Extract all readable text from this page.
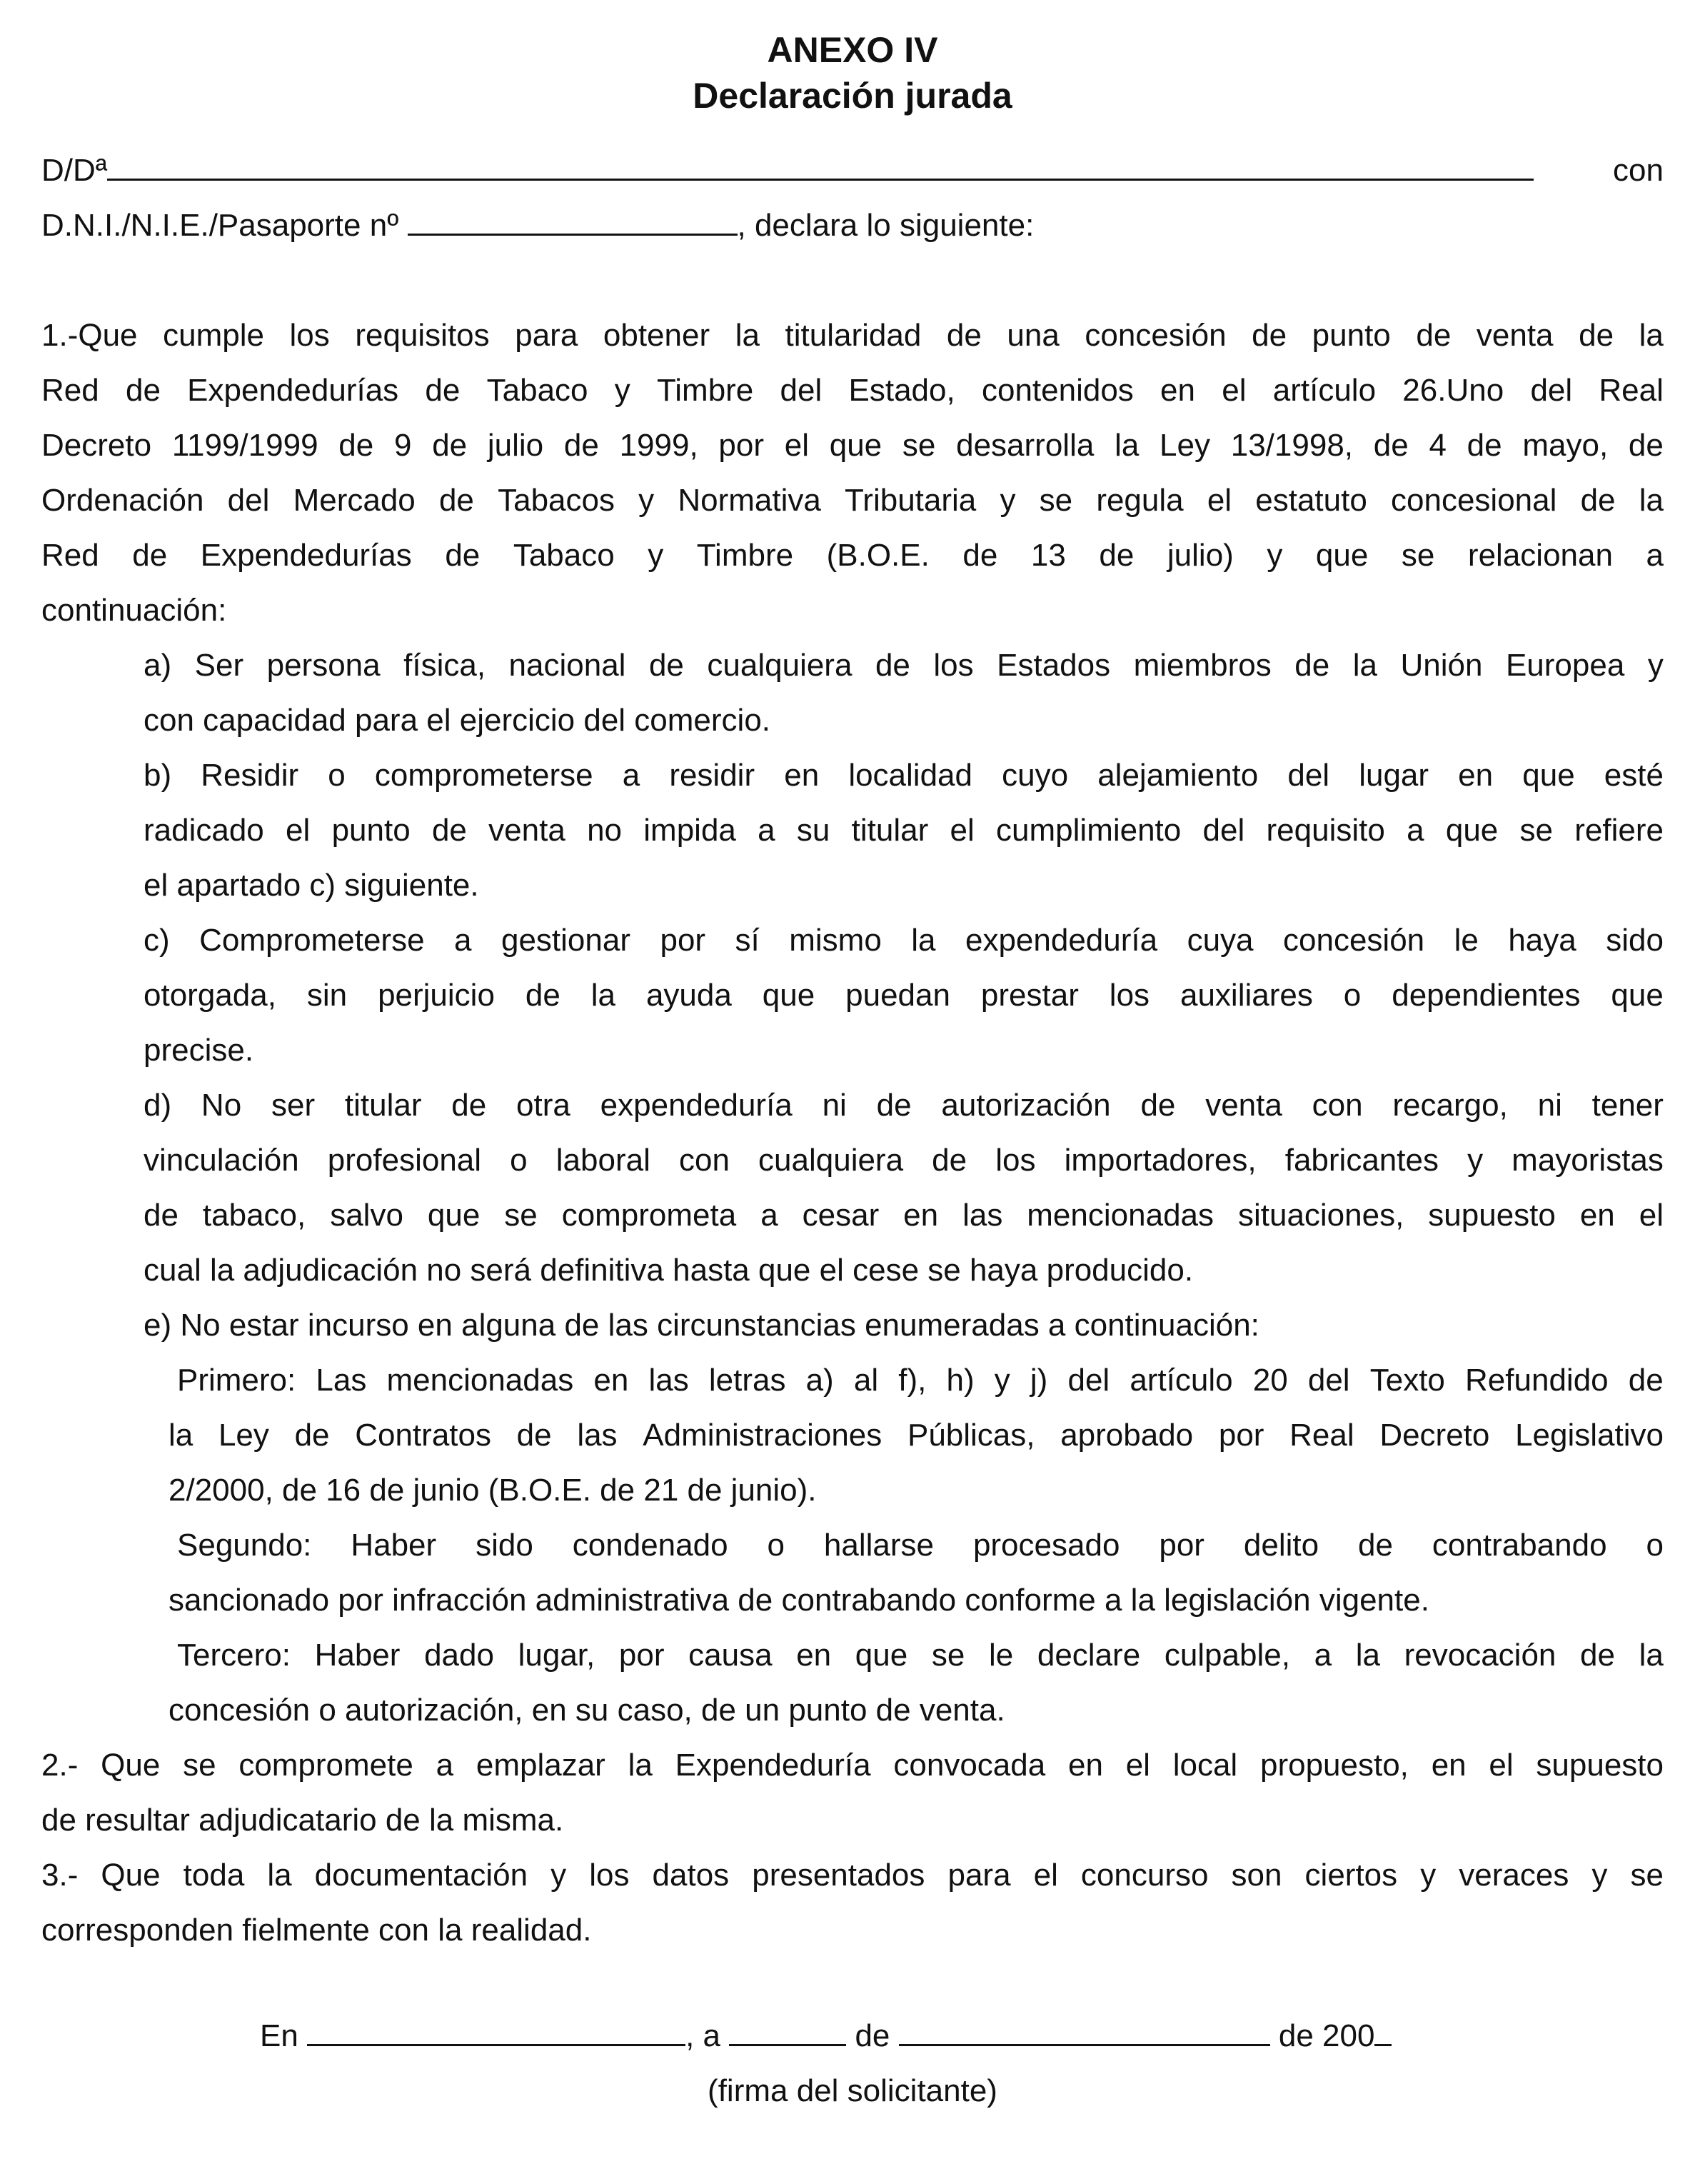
ANEXO IV
Declaración jurada
D/Dª	con
D.N.I./N.I.E./Pasaporte nº	, declara lo siguiente:
1.-Que cumple los requisitos para obtener la titularidad de una concesión de punto de venta de la
Red de Expendedurías de Tabaco y Timbre del Estado, contenidos en el artículo 26.Uno del Real
Decreto 1199/1999 de 9 de julio de 1999, por el que se desarrolla la Ley 13/1998, de 4 de mayo, de
Ordenación del Mercado de Tabacos y Normativa Tributaria y se regula el estatuto concesional de la
Red de Expendedurías de Tabaco y Timbre (B.O.E. de 13 de julio) y que se relacionan a
continuación:
a) Ser persona física, nacional de cualquiera de los Estados miembros de la Unión Europea y
con capacidad para el ejercicio del comercio.
b) Residir o comprometerse a residir en localidad cuyo alejamiento del lugar en que esté
radicado el punto de venta no impida a su titular el cumplimiento del requisito a que se refiere
el apartado c) siguiente.
c) Comprometerse a gestionar por sí mismo la expendeduría cuya concesión le haya sido
otorgada, sin perjuicio de la ayuda que puedan prestar los auxiliares o dependientes que
precise.
d) No ser titular de otra expendeduría ni de autorización de venta con recargo, ni tener
vinculación profesional o laboral con cualquiera de los importadores, fabricantes y mayoristas
de tabaco, salvo que se comprometa a cesar en las mencionadas situaciones, supuesto en el
cual la adjudicación no será definitiva hasta que el cese se haya producido.
e) No estar incurso en alguna de las circunstancias enumeradas a continuación:
Primero: Las mencionadas en las letras a) al f), h) y j) del artículo 20 del Texto Refundido de
la Ley de Contratos de las Administraciones Públicas, aprobado por Real Decreto Legislativo
2/2000, de 16 de junio (B.O.E. de 21 de junio).
Segundo: Haber sido condenado o hallarse procesado por delito de contrabando o
sancionado por infracción administrativa de contrabando conforme a la legislación vigente.
Tercero: Haber dado lugar, por causa en que se le declare culpable, a la revocación de la
concesión o autorización, en su caso, de un punto de venta.
2.- Que se compromete a emplazar la Expendeduría convocada en el local propuesto, en el supuesto
de resultar adjudicatario de la misma.
3.- Que toda la documentación y los datos presentados para el concurso son ciertos y veraces y se
corresponden fielmente con la realidad.
En	, a	de	de 200
(firma del solicitante)
